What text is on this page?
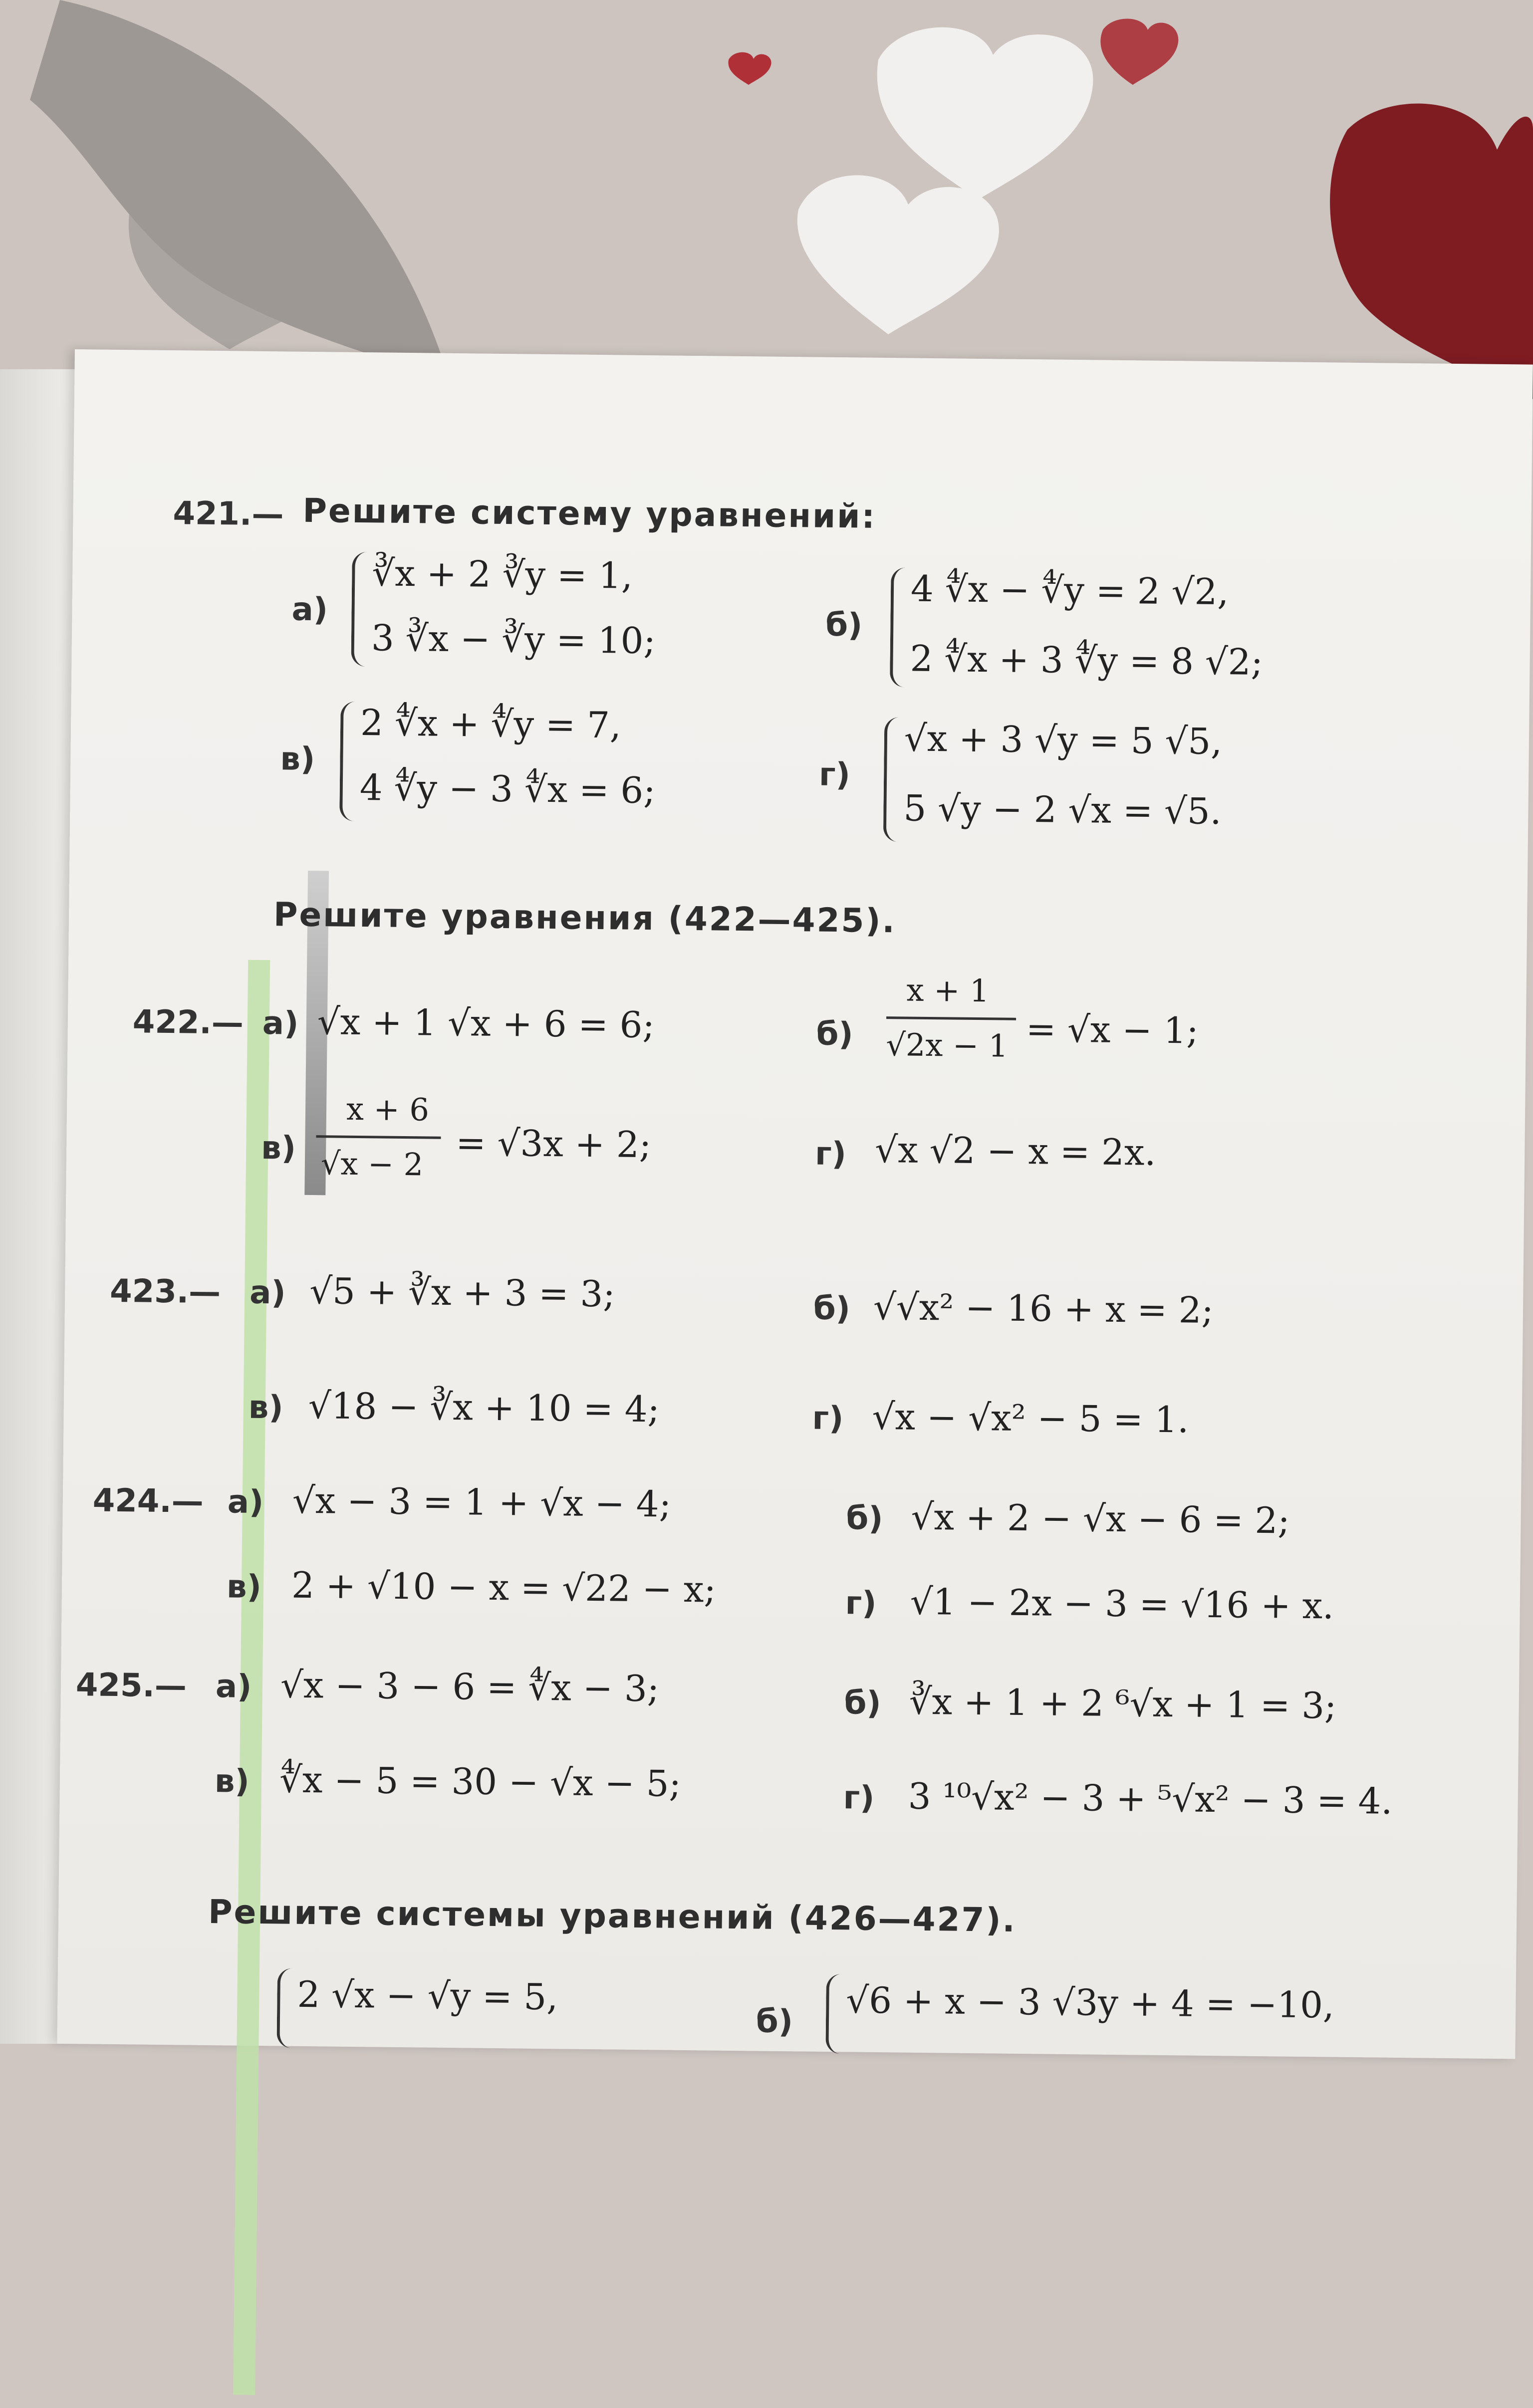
421.— Решите систему уравнений:
а)
∛x + 2 ∛y = 1,
3 ∛x − ∛y = 10;	б)
4 ∜x − ∜y = 2 √2,
2 ∜x + 3 ∜y = 8 √2;
в)
2 ∜x + ∜y = 7,
4 ∜y − 3 ∜x = 6;	г)
√x + 3 √y = 5 √5,
5 √y − 2 √x = √5.
Решите уравнения (422—425).
422.— а) √x + 1 √x + 6 = 6;	б)
x + 1
√2x − 1 = √x − 1;
в)
x + 6
√x − 2 = √3x + 2;	г) √x √2 − x = 2x.
423.— а) √5 + ∛x + 3 = 3;	б) √√x² − 16 + x = 2;
в) √18 − ∛x + 10 = 4;	г) √x − √x² − 5 = 1.
424.— а) √x − 3 = 1 + √x − 4;	б) √x + 2 − √x − 6 = 2;
в) 2 + √10 − x = √22 − x;	г) √1 − 2x − 3 = √16 + x.
425.— а) √x − 3 − 6 = ∜x − 3;	б) ∛x + 1 + 2 ⁶√x + 1 = 3;
в) ∜x − 5 = 30 − √x − 5;	г) 3 ¹⁰√x² − 3 + ⁵√x² − 3 = 4.
Решите системы уравнений (426—427).
2 √x − √y = 5,
б) √6 + x − 3 √3y + 4 = −10,
